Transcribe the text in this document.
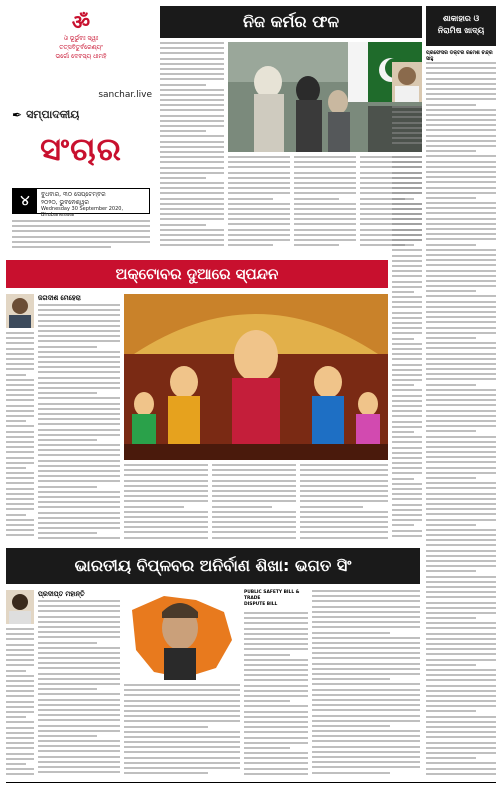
ॐ
ଓଁ ଭୂର୍ଭୁବଃ ସ୍ୱଃ
ତତ୍ସବିତୁର୍ବରେଣ୍ୟଂ
ଭର୍ଗୋ ଦେବସ୍ୟ ଧୀମହି
sanchar.live
✒ ସମ୍ପାଦକୀୟ
ସଂଚାର
୪	ବୁଧବାର, ୩୦ ସେପ୍ଟେମ୍ବର
୨୦୨୦, ଭୁବନେଶ୍ୱର
Wednesday 30 September 2020, Bhubaneswar
ନିଜ କର୍ମର ଫଳ	ଶାକାହାର ଓ
ନିରାମିଷ ଖାଦ୍ୟ
ପ୍ରଫେସର ଡକ୍ଟର ରମେଶ ଚନ୍ଦ୍ର ସାହୁ
ଅକ୍ଟୋବର ଦୁଆରେ ସ୍ପନ୍ଦନ
ଜଗଦୀଶ ମେହେରା
ଭାରତୀୟ ବିପ୍ଳବର ଅନିର୍ବାଣ ଶିଖା: ଭଗତ ସିଂ
ପ୍ରଦୀପ୍ତ ମହାନ୍ତି	PUBLIC SAFETY BILL & TRADE
DISPUTE BILL
